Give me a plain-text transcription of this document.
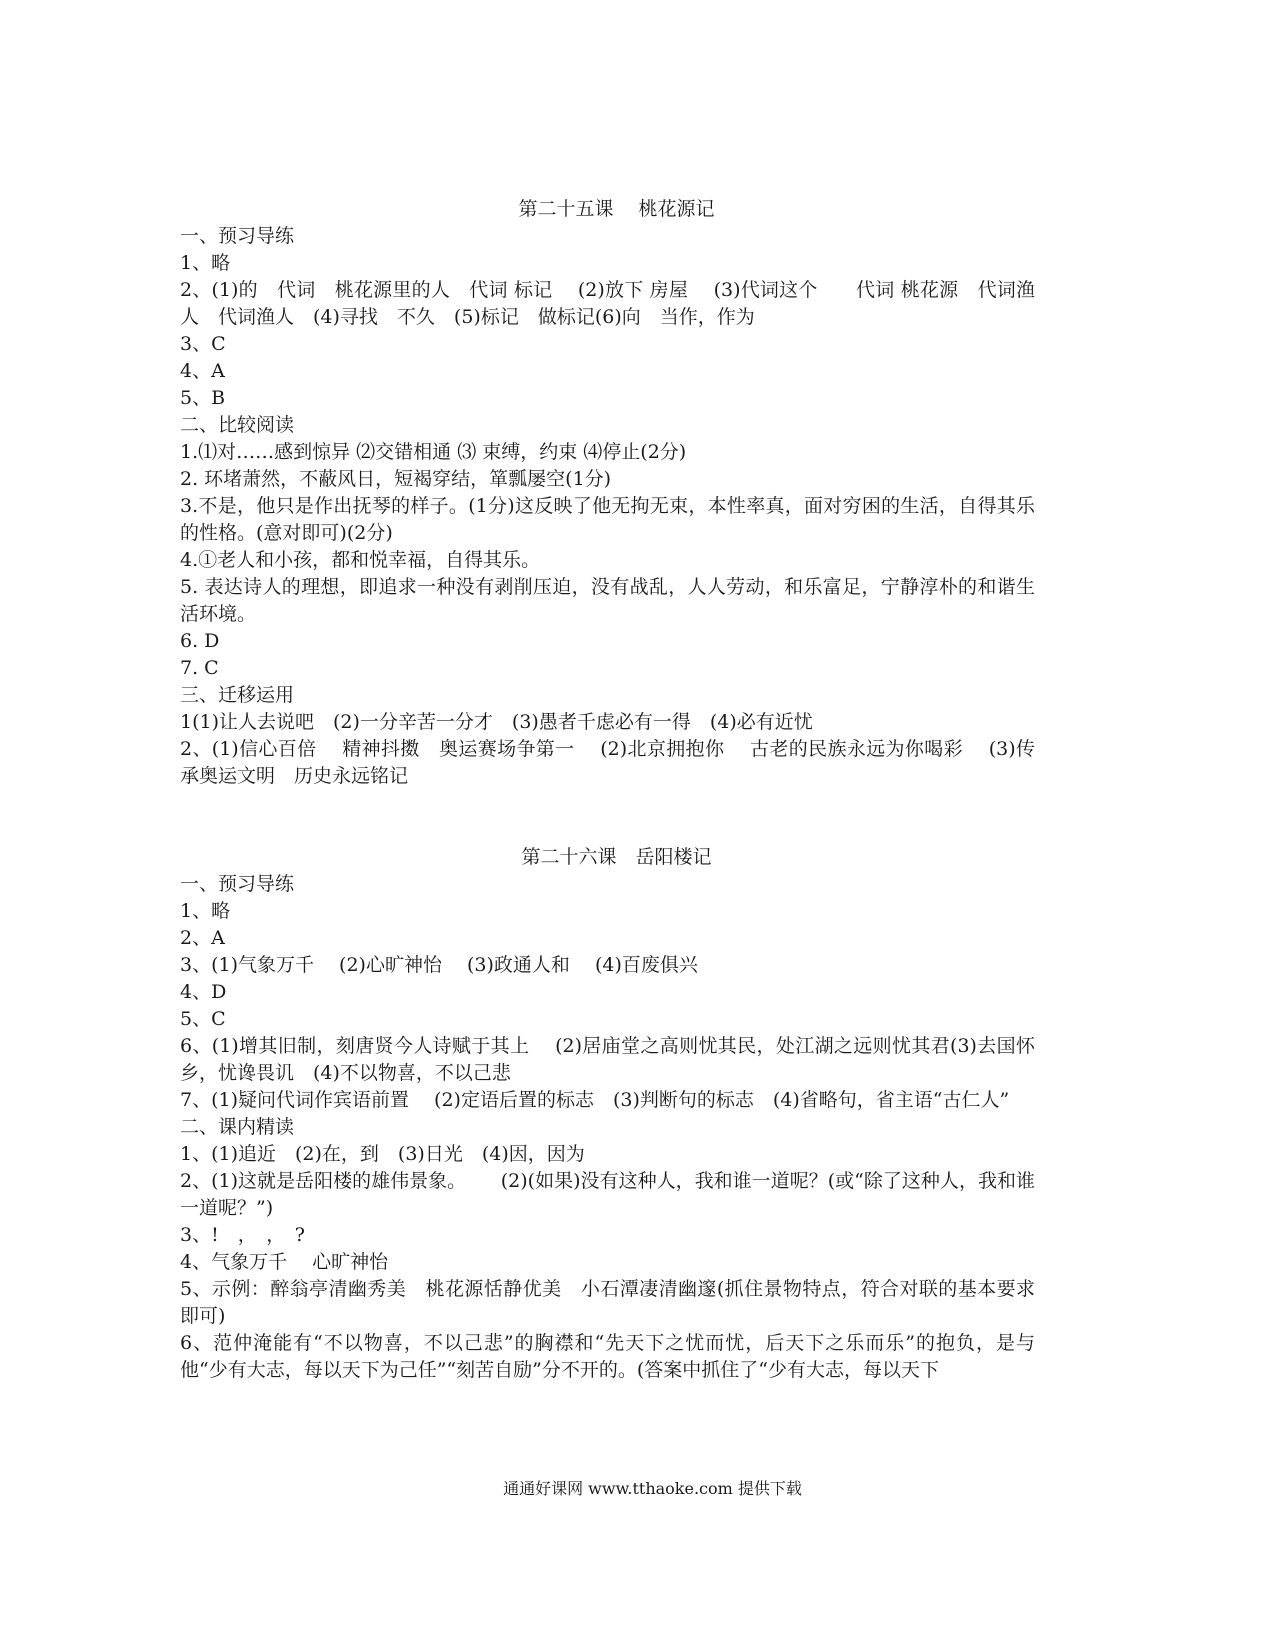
第二十五课　 桃花源记

一、预习导练

1、略

2、(1)的　代词　桃花源里的人　代词 标记　 (2)放下 房屋　 (3)代词这个　　代词 桃花源　代词渔人　代词渔人　(4)寻找　不久　(5)标记　做标记(6)向　当作，作为

3、C

4、A

5、B

二、比较阅读

1.⑴对……感到惊异 ⑵交错相通 ⑶ 束缚，约束 ⑷停止(2分)

2. 环堵萧然，不蔽风日，短褐穿结，箪瓢屡空(1分)

3.不是，他只是作出抚琴的样子。(1分)这反映了他无拘无束，本性率真，面对穷困的生活，自得其乐的性格。(意对即可)(2分)

4.①老人和小孩，都和悦幸福，自得其乐。

5. 表达诗人的理想，即追求一种没有剥削压迫，没有战乱，人人劳动，和乐富足，宁静淳朴的和谐生活环境。

6. D

7. C

三、迁移运用

1(1)让人去说吧　(2)一分辛苦一分才　(3)愚者千虑必有一得　(4)必有近忧

2、(1)信心百倍　 精神抖擞　奥运赛场争第一　 (2)北京拥抱你　 古老的民族永远为你喝彩　 (3)传承奥运文明　历史永远铭记

第二十六课　岳阳楼记

一、预习导练

1、略

2、A

3、(1)气象万千　 (2)心旷神怡　 (3)政通人和　 (4)百废俱兴

4、D

5、C

6、(1)增其旧制，刻唐贤今人诗赋于其上　 (2)居庙堂之高则忧其民，处江湖之远则忧其君(3)去国怀乡，忧谗畏讥　(4)不以物喜，不以己悲

7、(1)疑问代词作宾语前置　 (2)定语后置的标志　(3)判断句的标志　(4)省略句，省主语“古仁人”

二、课内精读

1、(1)追近　(2)在，到　(3)日光　(4)因，因为

2、(1)这就是岳阳楼的雄伟景象。　　 (2)(如果)没有这种人，我和谁一道呢？(或“除了这种人，我和谁一道呢？”)

3、!　，　，　?

4、气象万千　 心旷神怡

5、示例：醉翁亭清幽秀美　桃花源恬静优美　小石潭凄清幽邃(抓住景物特点，符合对联的基本要求即可)

6、范仲淹能有“不以物喜，不以己悲”的胸襟和“先天下之忧而忧，后天下之乐而乐”的抱负，是与他“少有大志，每以天下为己任”“刻苦自励”分不开的。(答案中抓住了“少有大志，每以天下

通通好课网 www.tthaoke.com 提供下载
